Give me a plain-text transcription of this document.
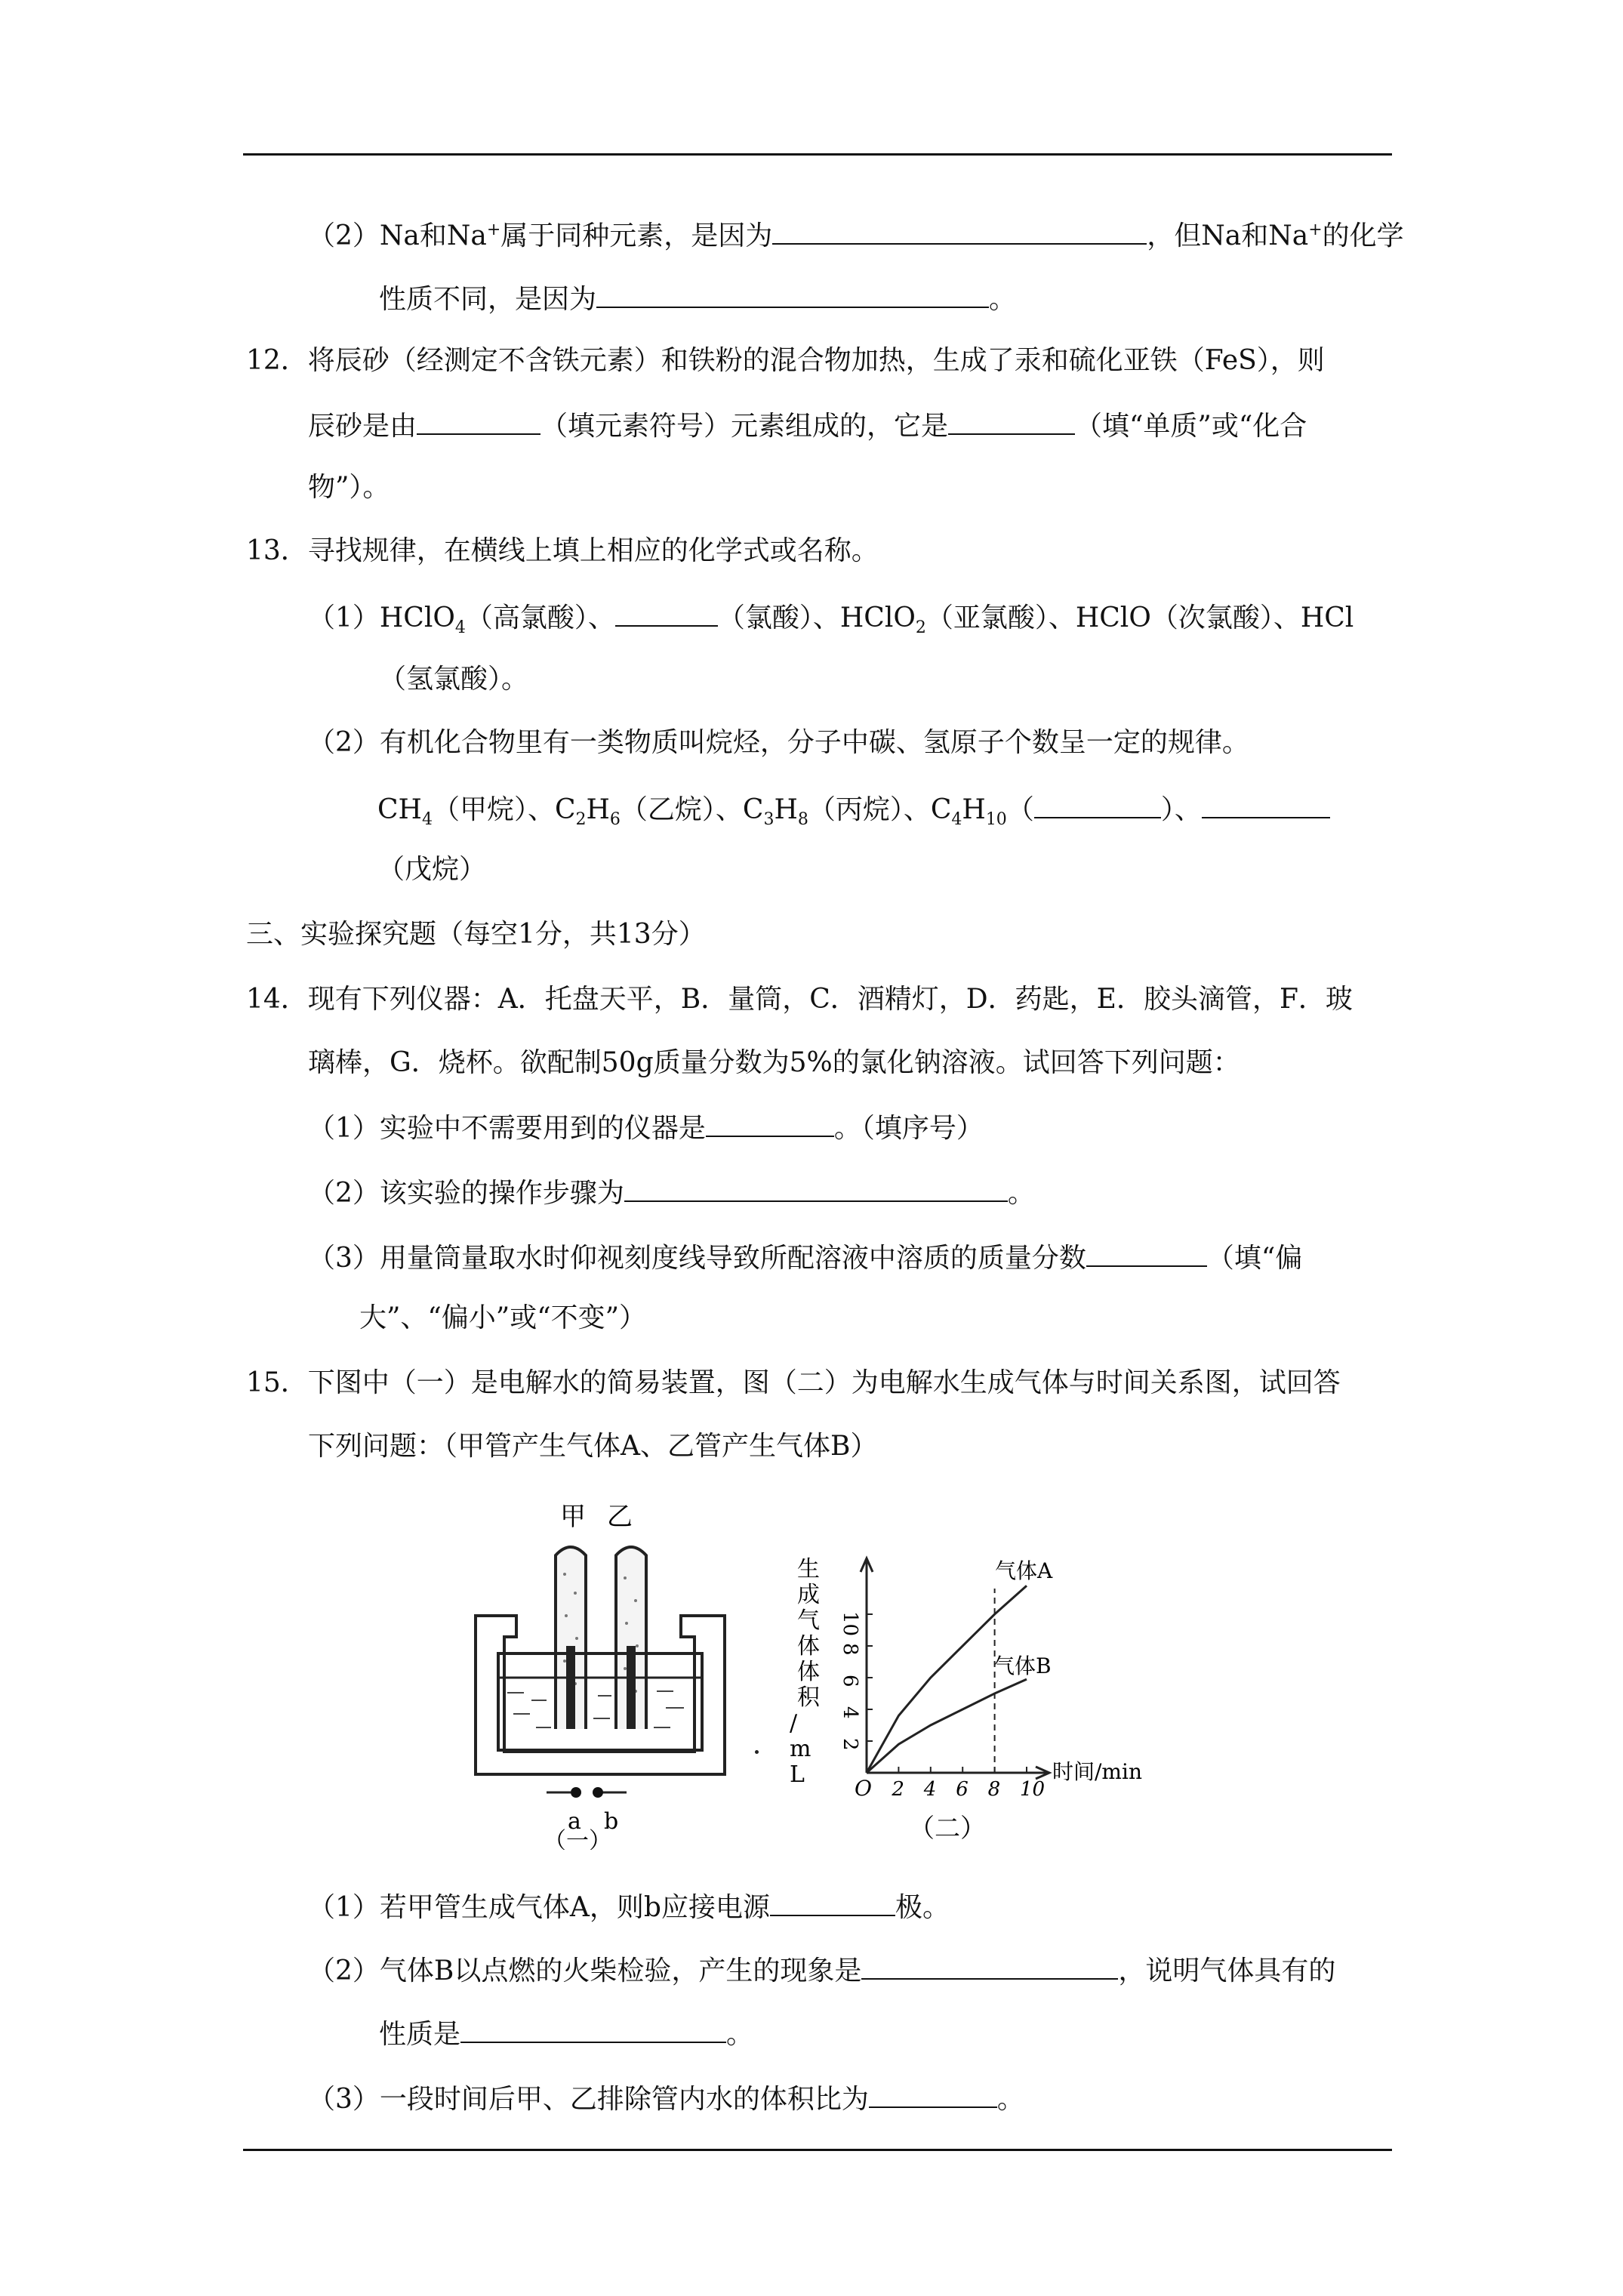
（2）Na和Na+属于同种元素，是因为	，但Na和Na+的化学
性质不同，是因为	。
12．将辰砂（经测定不含铁元素）和铁粉的混合物加热，生成了汞和硫化亚铁（FeS），则
辰砂是由	（填元素符号）元素组成的，它是	（填“单质”或“化合
物”）。
13．寻找规律，在横线上填上相应的化学式或名称。
（1）HClO$_4$（高氯酸）、	（氯酸）、HClO$_2$（亚氯酸）、HClO（次氯酸）、HCl
（氢氯酸）。
（2）有机化合物里有一类物质叫烷烃，分子中碳、氢原子个数呈一定的规律。
$CH_4$（甲烷）、$C_2H_6$（乙烷）、$C_3H_8$（丙烷）、$C_4H_{10}$（	）、
（戊烷）
三、实验探究题（每空1分，共13分）
14．现有下列仪器：A．托盘天平，B．量筒，C．酒精灯，D．药匙，E．胶头滴管，F．玻
璃棒，G．烧杯。欲配制50g质量分数为5%的氯化钠溶液。试回答下列问题：
（1）实验中不需要用到的仪器是	。（填序号）
（2）该实验的操作步骤为	。
（3）用量筒量取水时仰视刻度线导致所配溶液中溶质的质量分数	（填“偏
大”、“偏小”或“不变”）
15．下图中（一）是电解水的简易装置，图（二）为电解水生成气体与时间关系图，试回答
下列问题：（甲管产生气体A、乙管产生气体B）
甲 乙
a b
（一）
时间/min
O
（二）
生
成
气
体
体
积
/
m
L
2 4 6 8 10
2
4
6
8
10
气体A
气体B
（1）若甲管生成气体A，则b应接电源	极。
（2）气体B以点燃的火柴检验，产生的现象是	，说明气体具有的
性质是	。
（3）一段时间后甲、乙排除管内水的体积比为	。
